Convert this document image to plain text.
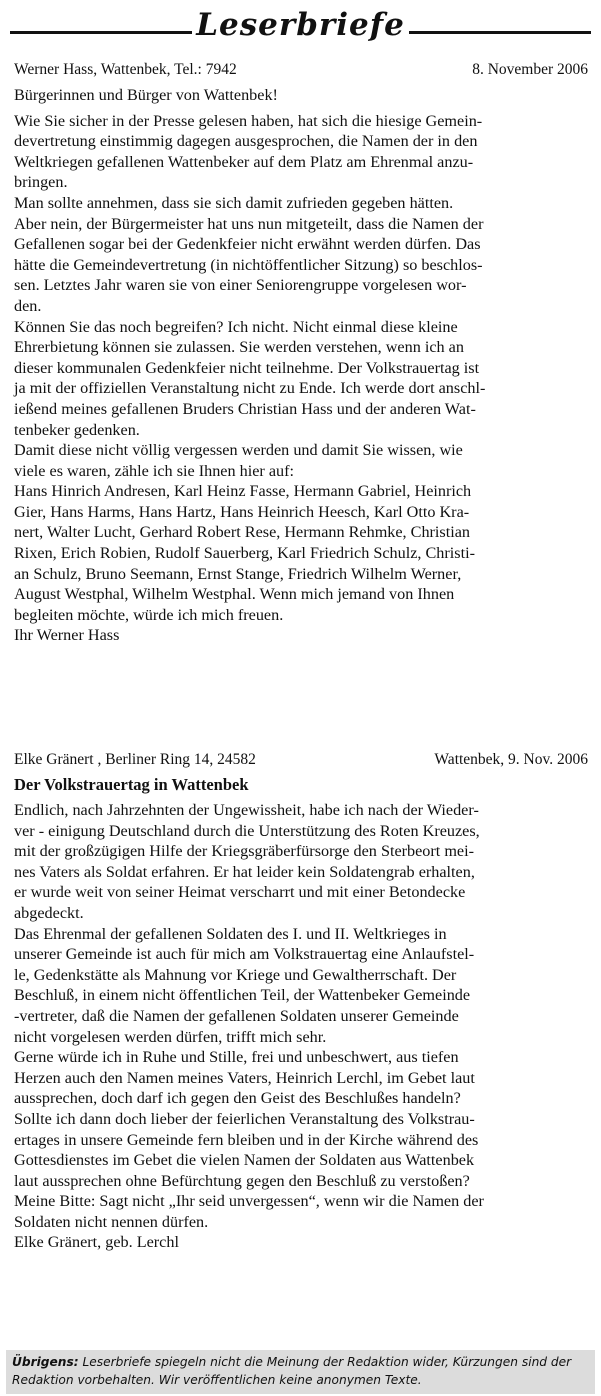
Leserbriefe
Werner Hass, Wattenbek, Tel.: 7942	8. November 2006
Bürgerinnen und Bürger von Wattenbek!
Wie Sie sicher in der Presse gelesen haben, hat sich die hiesige Gemein-
devertretung einstimmig dagegen ausgesprochen, die Namen der in den
Weltkriegen gefallenen Wattenbeker auf dem Platz am Ehrenmal anzu-
bringen.
Man sollte annehmen, dass sie sich damit zufrieden gegeben hätten.
Aber nein, der Bürgermeister hat uns nun mitgeteilt, dass die Namen der
Gefallenen sogar bei der Gedenkfeier nicht erwähnt werden dürfen. Das
hätte die Gemeindevertretung (in nichtöffentlicher Sitzung) so beschlos-
sen. Letztes Jahr waren sie von einer Seniorengruppe vorgelesen wor-
den.
Können Sie das noch begreifen? Ich nicht. Nicht einmal diese kleine
Ehrerbietung können sie zulassen. Sie werden verstehen, wenn ich an
dieser kommunalen Gedenkfeier nicht teilnehme. Der Volkstrauertag ist
ja mit der offiziellen Veranstaltung nicht zu Ende. Ich werde dort anschl-
ießend meines gefallenen Bruders Christian Hass und der anderen Wat-
tenbeker gedenken.
Damit diese nicht völlig vergessen werden und damit Sie wissen, wie
viele es waren, zähle ich sie Ihnen hier auf:
Hans Hinrich Andresen, Karl Heinz Fasse, Hermann Gabriel, Heinrich
Gier, Hans Harms, Hans Hartz, Hans Heinrich Heesch, Karl Otto Kra-
nert, Walter Lucht, Gerhard Robert Rese, Hermann Rehmke, Christian
Rixen, Erich Robien, Rudolf Sauerberg, Karl Friedrich Schulz, Christi-
an Schulz, Bruno Seemann, Ernst Stange, Friedrich Wilhelm Werner,
August Westphal, Wilhelm Westphal. Wenn mich jemand von Ihnen
begleiten möchte, würde ich mich freuen.
Ihr Werner Hass
Elke Gränert , Berliner Ring 14, 24582	Wattenbek, 9. Nov. 2006
Der Volkstrauertag in Wattenbek
Endlich, nach Jahrzehnten der Ungewissheit, habe ich nach der Wieder-
ver - einigung Deutschland durch die Unterstützung des Roten Kreuzes,
mit der großzügigen Hilfe der Kriegsgräberfürsorge den Sterbeort mei-
nes Vaters als Soldat erfahren. Er hat leider kein Soldatengrab erhalten,
er wurde weit von seiner Heimat verscharrt und mit einer Betondecke
abgedeckt.
Das Ehrenmal der gefallenen Soldaten des I. und II. Weltkrieges in
unserer Gemeinde ist auch für mich am Volkstrauertag eine Anlaufstel-
le, Gedenkstätte als Mahnung vor Kriege und Gewaltherrschaft. Der
Beschluß, in einem nicht öffentlichen Teil, der Wattenbeker Gemeinde
-vertreter, daß die Namen der gefallenen Soldaten unserer Gemeinde
nicht vorgelesen werden dürfen, trifft mich sehr.
Gerne würde ich in Ruhe und Stille, frei und unbeschwert, aus tiefen
Herzen auch den Namen meines Vaters, Heinrich Lerchl, im Gebet laut
aussprechen, doch darf ich gegen den Geist des Beschlußes handeln?
Sollte ich dann doch lieber der feierlichen Veranstaltung des Volkstrau-
ertages in unsere Gemeinde fern bleiben und in der Kirche während des
Gottesdienstes im Gebet die vielen Namen der Soldaten aus Wattenbek
laut aussprechen ohne Befürchtung gegen den Beschluß zu verstoßen?
Meine Bitte: Sagt nicht „Ihr seid unvergessen“, wenn wir die Namen der
Soldaten nicht nennen dürfen.
Elke Gränert, geb. Lerchl
Übrigens: Leserbriefe spiegeln nicht die Meinung der Redaktion wider, Kürzungen sind der
Redaktion vorbehalten. Wir veröffentlichen keine anonymen Texte.
